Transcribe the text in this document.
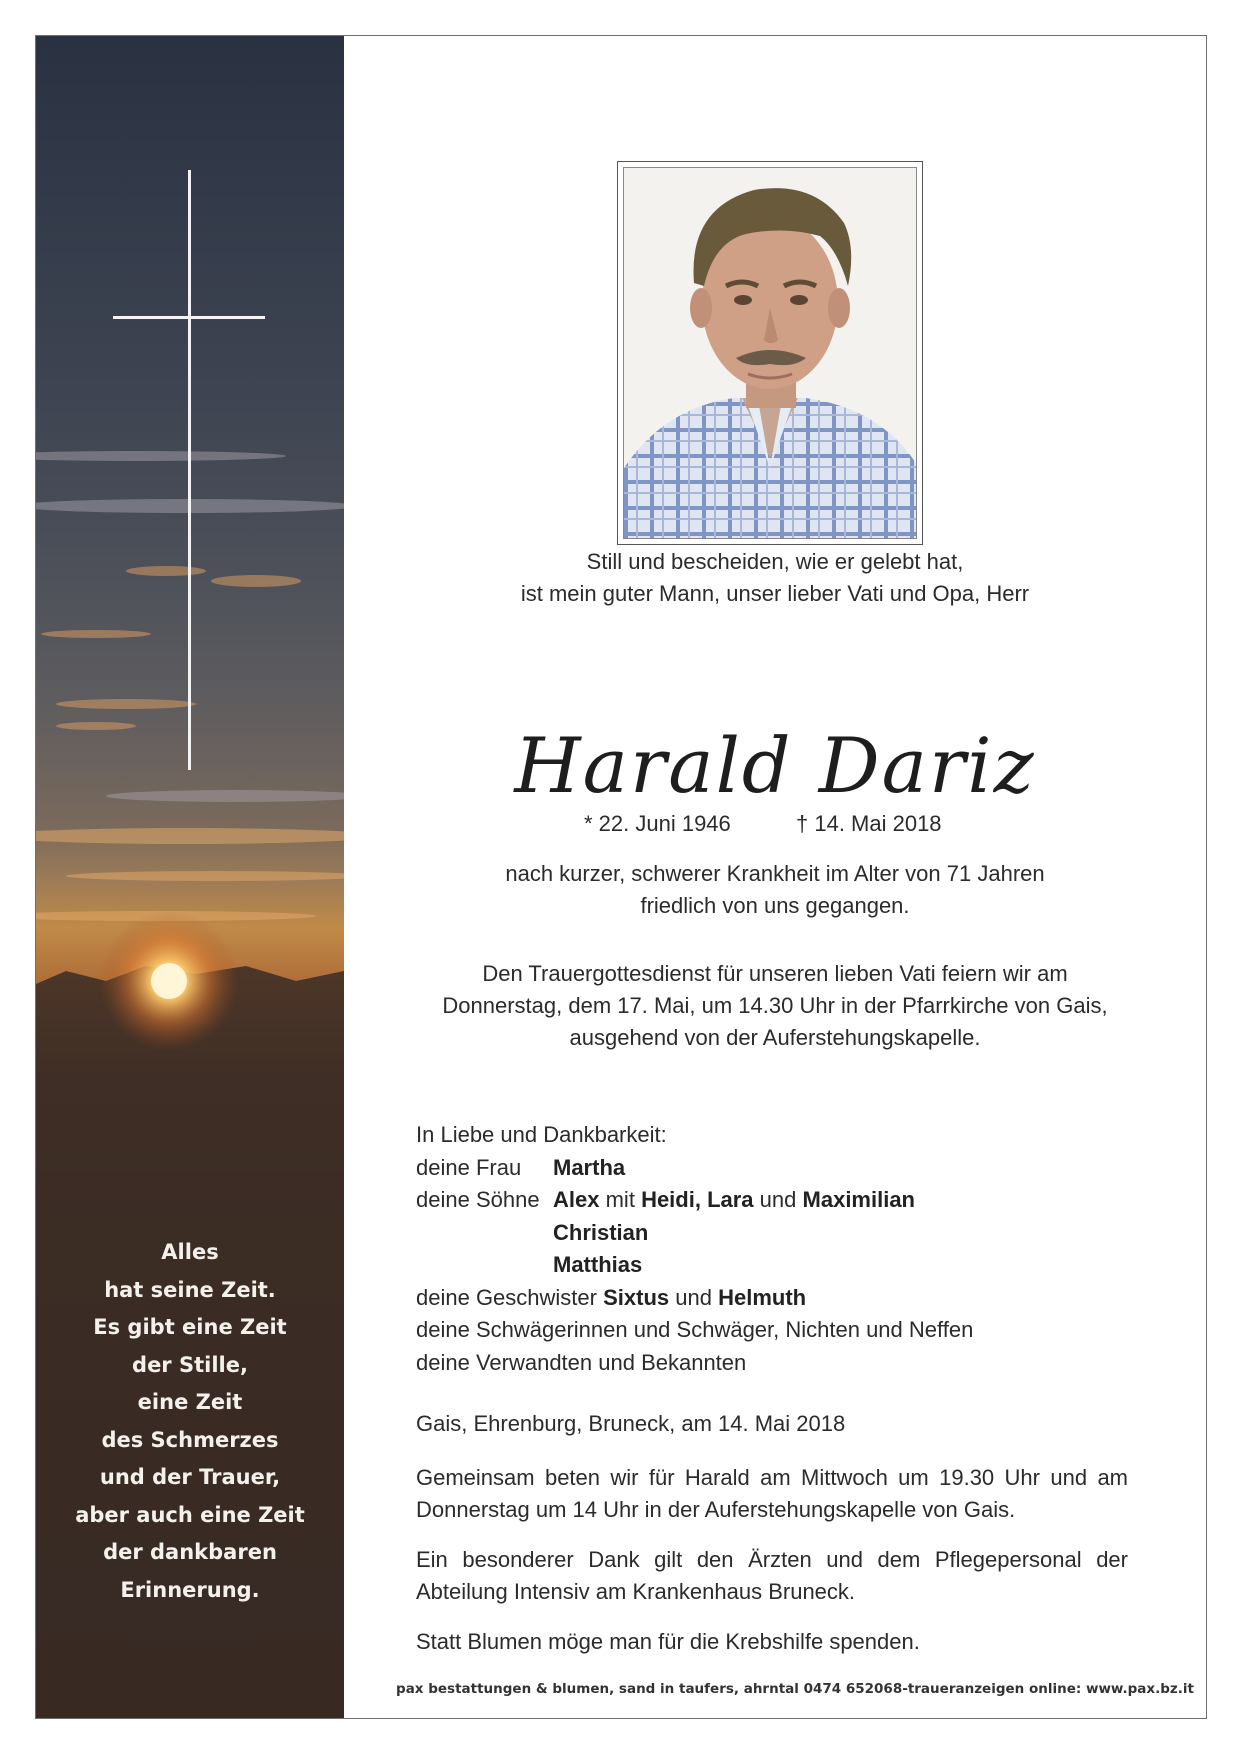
Alles
hat seine Zeit.
Es gibt eine Zeit
der Stille,
eine Zeit
des Schmerzes
und der Trauer,
aber auch eine Zeit
der dankbaren
Erinnerung.
Still und bescheiden, wie er gelebt hat,
ist mein guter Mann, unser lieber Vati und Opa, Herr
Harald Dariz
* 22. Juni 1946	† 14. Mai 2018
nach kurzer, schwerer Krankheit im Alter von 71 Jahren
friedlich von uns gegangen.
Den Trauergottesdienst für unseren lieben Vati feiern wir am
Donnerstag, dem 17. Mai, um 14.30 Uhr in der Pfarrkirche von Gais,
ausgehend von der Auferstehungskapelle.
In Liebe und Dankbarkeit:
deine Frau	Martha
deine Söhne Alex mit Heidi, Lara und Maximilian
Christian
Matthias
deine Geschwister
Sixtus
und
Helmuth
deine Schwägerinnen und Schwäger, Nichten und Neffen
deine Verwandten und Bekannten
Gais, Ehrenburg, Bruneck, am 14. Mai 2018
Gemeinsam beten wir für Harald am Mittwoch um 19.30 Uhr und am Donnerstag um 14 Uhr in der Auferstehungskapelle von Gais.
Ein besonderer Dank gilt den Ärzten und dem Pflegepersonal der Abteilung Intensiv am Krankenhaus Bruneck.
Statt Blumen möge man für die Krebshilfe spenden.
pax bestattungen & blumen, sand in taufers, ahrntal 0474 652068-traueranzeigen online: www.pax.bz.it
